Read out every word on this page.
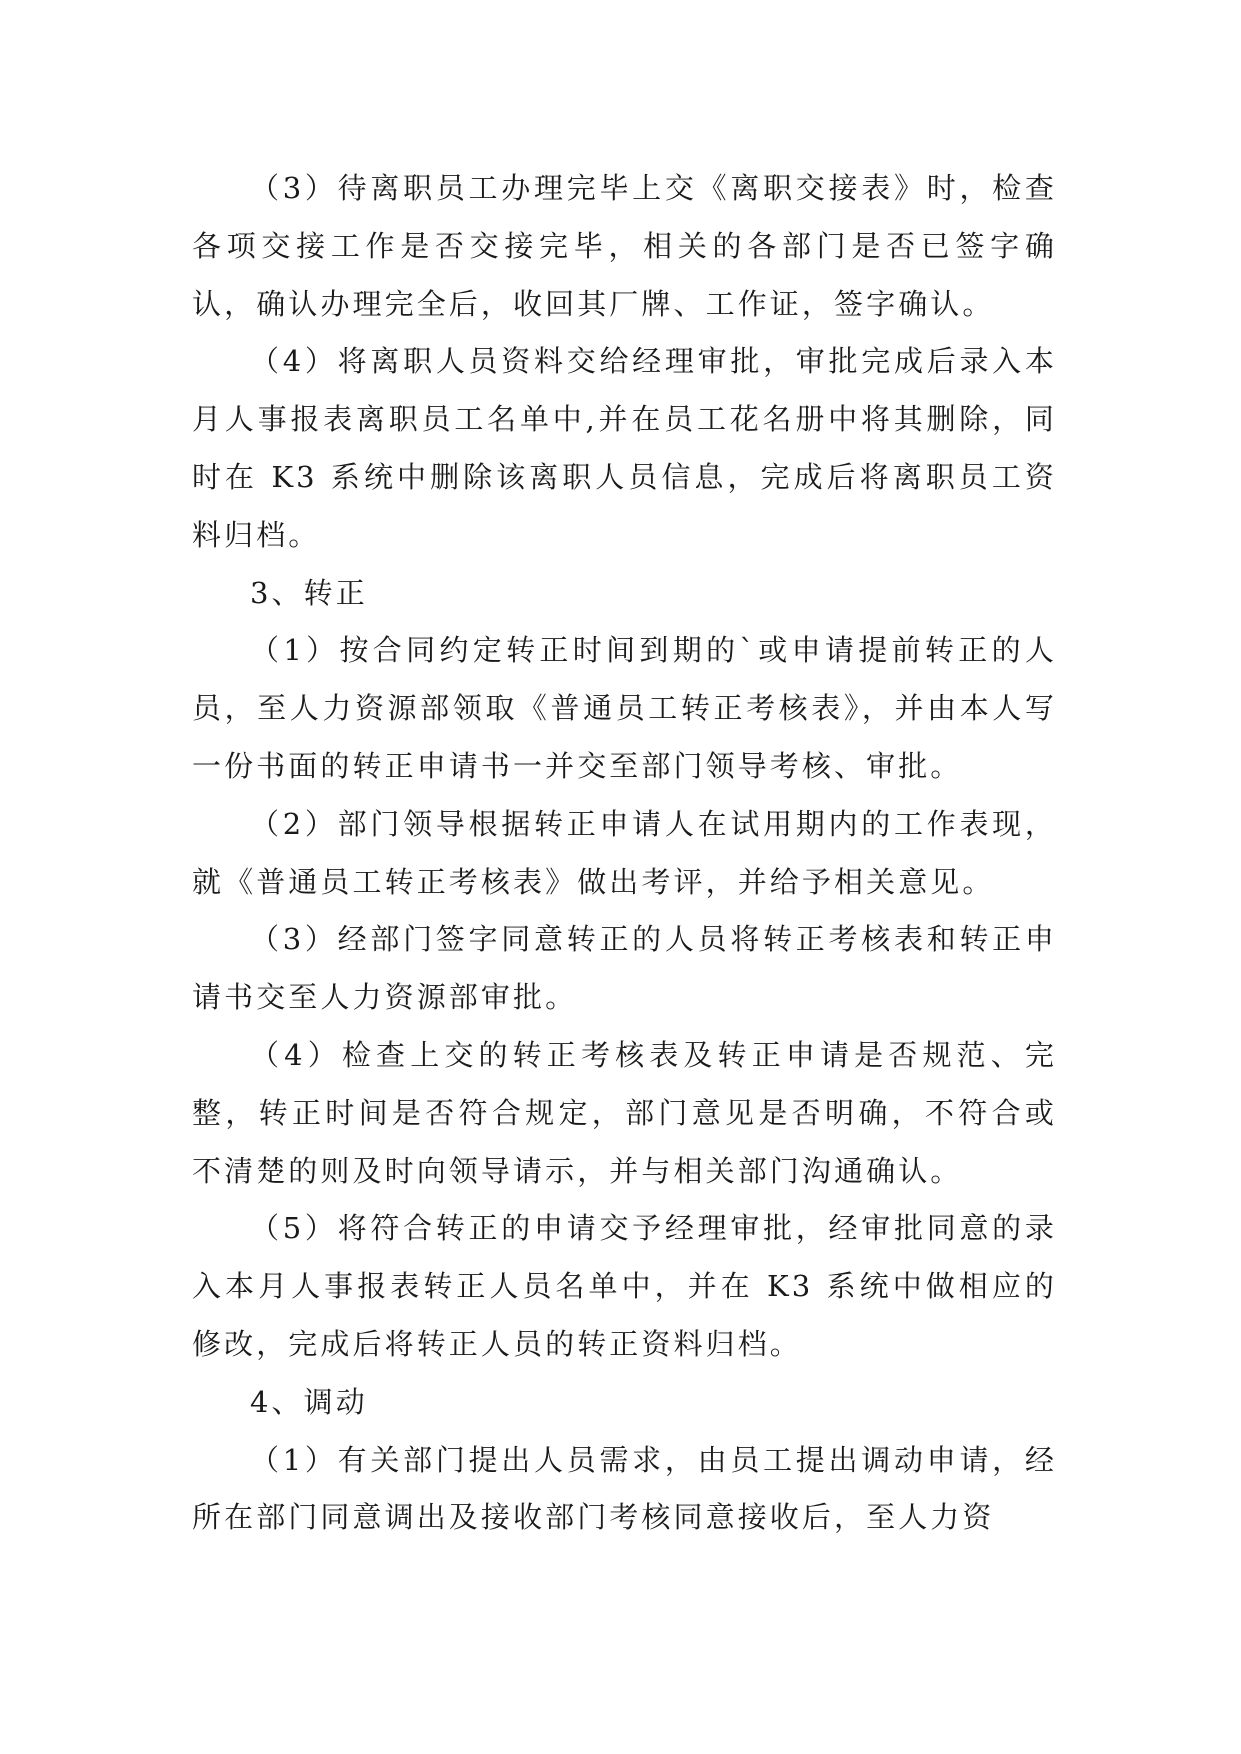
（3）待离职员工办理完毕上交《离职交接表》时，检查各项交接工作是否交接完毕，相关的各部门是否已签字确认，确认办理完全后，收回其厂牌、工作证，签字确认。

（4）将离职人员资料交给经理审批，审批完成后录入本月人事报表离职员工名单中,并在员工花名册中将其删除，同时在 K3 系统中删除该离职人员信息，完成后将离职员工资料归档。

3、转正

（1）按合同约定转正时间到期的`或申请提前转正的人员，至人力资源部领取《普通员工转正考核表》，并由本人写一份书面的转正申请书一并交至部门领导考核、审批。

（2）部门领导根据转正申请人在试用期内的工作表现，就《普通员工转正考核表》做出考评，并给予相关意见。

（3）经部门签字同意转正的人员将转正考核表和转正申请书交至人力资源部审批。

（4）检查上交的转正考核表及转正申请是否规范、完整，转正时间是否符合规定，部门意见是否明确，不符合或不清楚的则及时向领导请示，并与相关部门沟通确认。

（5）将符合转正的申请交予经理审批，经审批同意的录入本月人事报表转正人员名单中，并在 K3 系统中做相应的修改，完成后将转正人员的转正资料归档。

4、调动

（1）有关部门提出人员需求，由员工提出调动申请，经所在部门同意调出及接收部门考核同意接收后，至人力资
